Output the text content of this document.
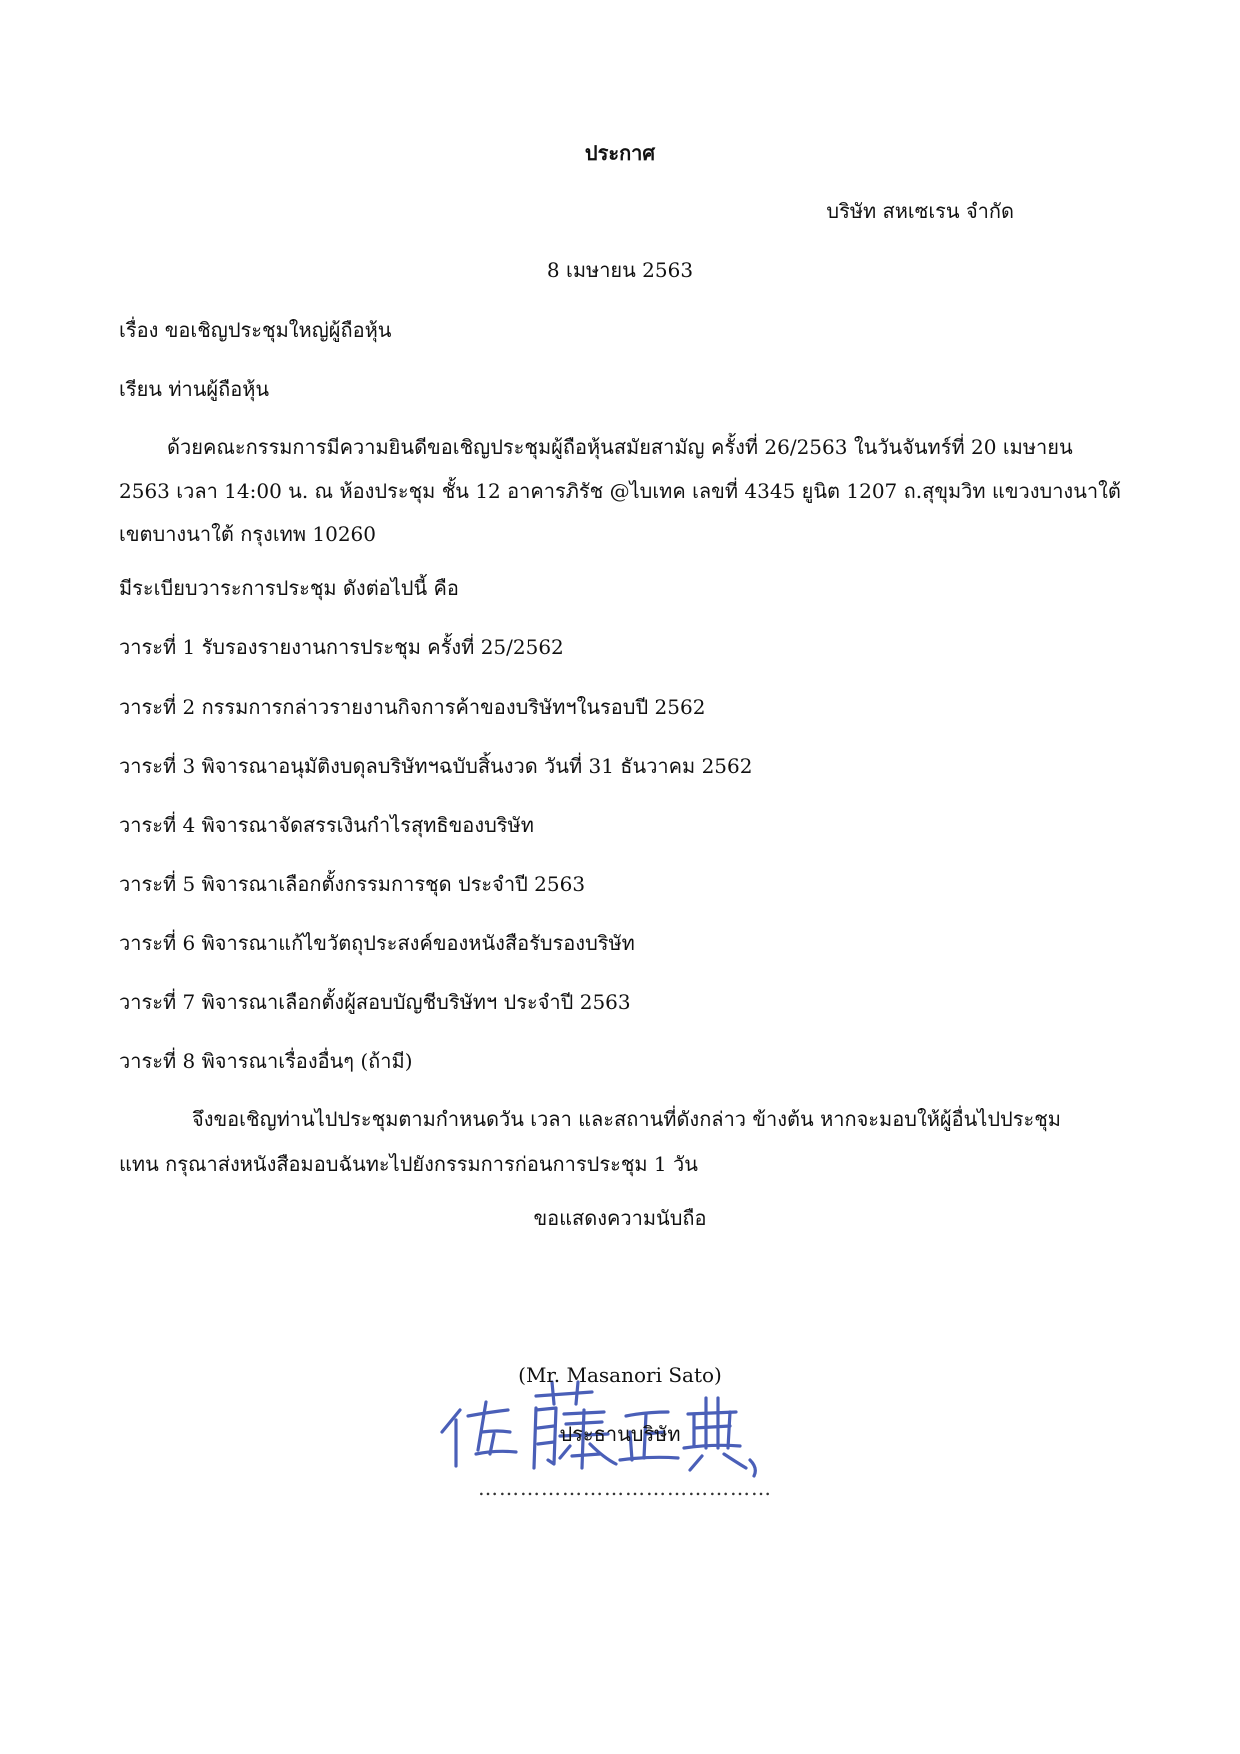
ประกาศ
บริษัท สหเซเรน จำกัด
8 เมษายน 2563
เรื่อง ขอเชิญประชุมใหญ่ผู้ถือหุ้น
เรียน ท่านผู้ถือหุ้น
ด้วยคณะกรรมการมีความยินดีขอเชิญประชุมผู้ถือหุ้นสมัยสามัญ ครั้งที่ 26/2563 ในวันจันทร์ที่ 20 เมษายน
2563 เวลา 14:00 น. ณ ห้องประชุม ชั้น 12 อาคารภิรัช @ไบเทค เลขที่ 4345 ยูนิต 1207 ถ.สุขุมวิท แขวงบางนาใต้
เขตบางนาใต้ กรุงเทพ 10260
มีระเบียบวาระการประชุม ดังต่อไปนี้ คือ
วาระที่ 1 รับรองรายงานการประชุม ครั้งที่ 25/2562
วาระที่ 2 กรรมการกล่าวรายงานกิจการค้าของบริษัทฯในรอบปี 2562
วาระที่ 3 พิจารณาอนุมัติงบดุลบริษัทฯฉบับสิ้นงวด วันที่ 31 ธันวาคม 2562
วาระที่ 4 พิจารณาจัดสรรเงินกำไรสุทธิของบริษัท
วาระที่ 5 พิจารณาเลือกตั้งกรรมการชุด ประจำปี 2563
วาระที่ 6 พิจารณาแก้ไขวัตถุประสงค์ของหนังสือรับรองบริษัท
วาระที่ 7 พิจารณาเลือกตั้งผู้สอบบัญชีบริษัทฯ ประจำปี 2563
วาระที่ 8 พิจารณาเรื่องอื่นๆ (ถ้ามี)
จึงขอเชิญท่านไปประชุมตามกำหนดวัน เวลา และสถานที่ดังกล่าว ข้างต้น หากจะมอบให้ผู้อื่นไปประชุม
แทน กรุณาส่งหนังสือมอบฉันทะไปยังกรรมการก่อนการประชุม 1 วัน
ขอแสดงความนับถือ
……………………………………
(Mr. Masanori Sato)
ประธานบริษัท
